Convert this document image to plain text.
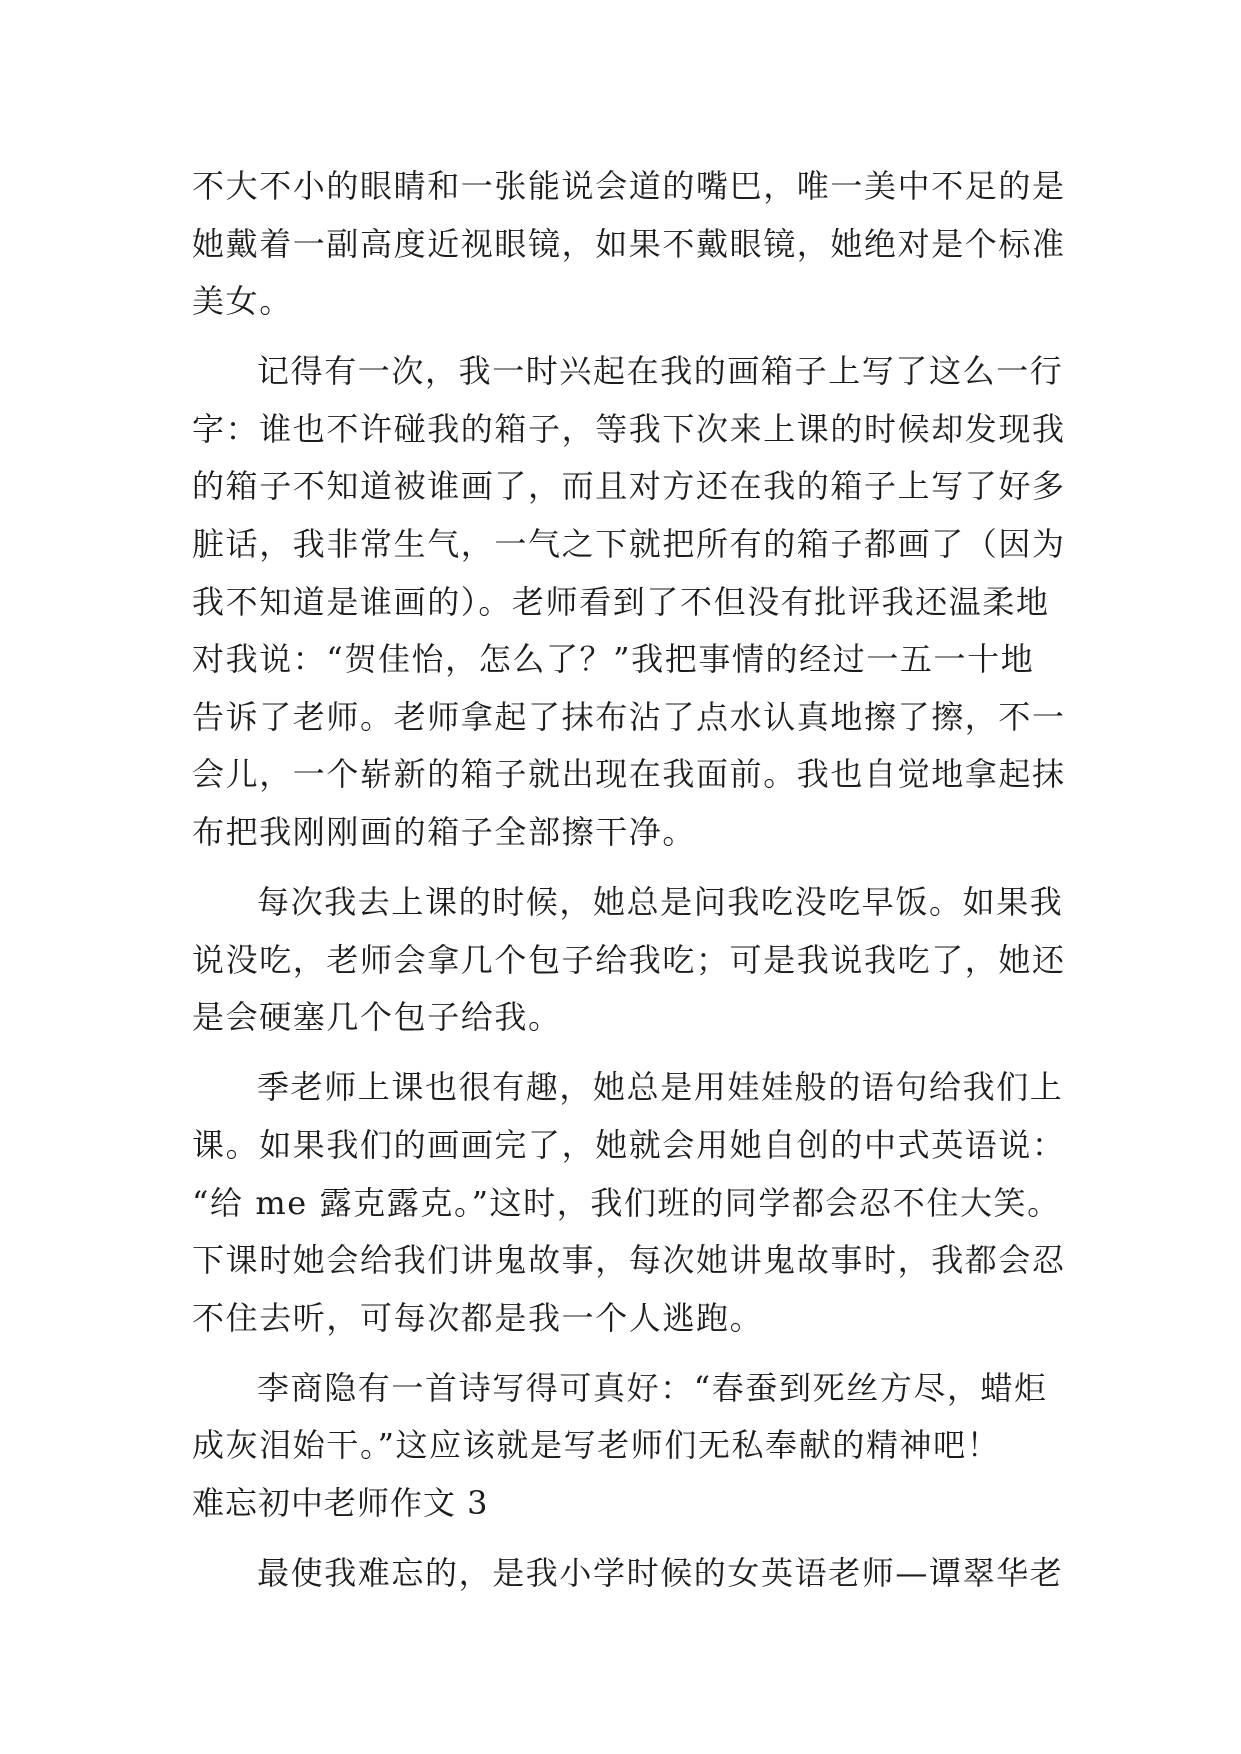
不大不小的眼睛和一张能说会道的嘴巴，唯一美中不足的是
她戴着一副高度近视眼镜，如果不戴眼镜，她绝对是个标准
美女。
记得有一次，我一时兴起在我的画箱子上写了这么一行
字：谁也不许碰我的箱子，等我下次来上课的时候却发现我
的箱子不知道被谁画了，而且对方还在我的箱子上写了好多
脏话，我非常生气，一气之下就把所有的箱子都画了（因为
我不知道是谁画的）。老师看到了不但没有批评我还温柔地
对我说：“贺佳怡，怎么了？”我把事情的经过一五一十地
告诉了老师。老师拿起了抹布沾了点水认真地擦了擦，不一
会儿，一个崭新的箱子就出现在我面前。我也自觉地拿起抹
布把我刚刚画的箱子全部擦干净。
每次我去上课的时候，她总是问我吃没吃早饭。如果我
说没吃，老师会拿几个包子给我吃；可是我说我吃了，她还
是会硬塞几个包子给我。
季老师上课也很有趣，她总是用娃娃般的语句给我们上
课。如果我们的画画完了，她就会用她自创的中式英语说：
“给 me 露克露克。”这时，我们班的同学都会忍不住大笑。
下课时她会给我们讲鬼故事，每次她讲鬼故事时，我都会忍
不住去听，可每次都是我一个人逃跑。
李商隐有一首诗写得可真好：“春蚕到死丝方尽，蜡炬
成灰泪始干。”这应该就是写老师们无私奉献的精神吧！
难忘初中老师作文 3
最使我难忘的，是我小学时候的女英语老师—谭翠华老
